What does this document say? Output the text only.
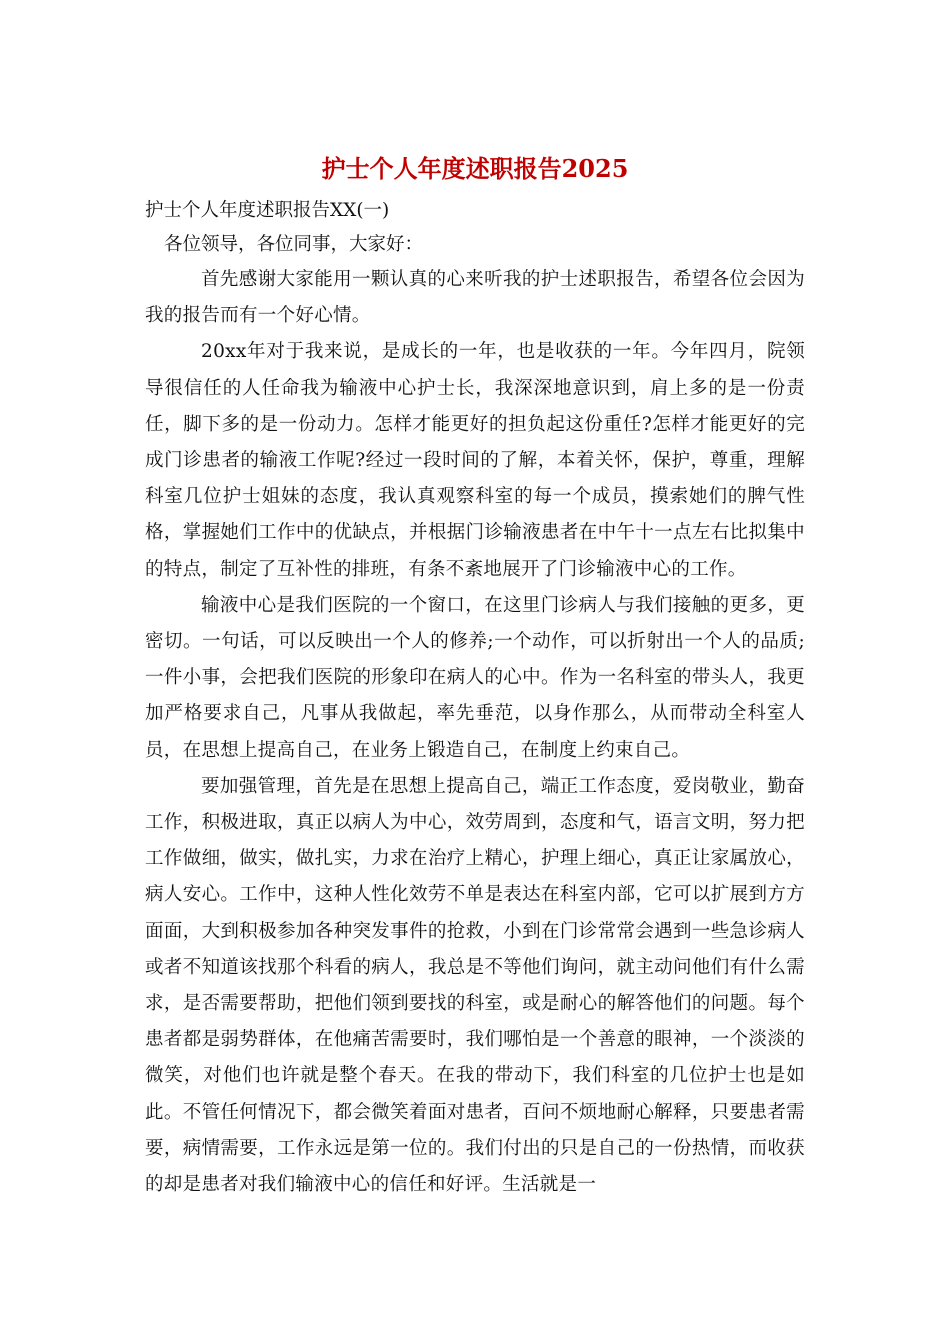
护士个人年度述职报告2025

护士个人年度述职报告XX(一)

各位领导，各位同事，大家好：

首先感谢大家能用一颗认真的心来听我的护士述职报告，希望各位会因为我的报告而有一个好心情。

20xx年对于我来说，是成长的一年，也是收获的一年。今年四月，院领导很信任的人任命我为输液中心护士长，我深深地意识到，肩上多的是一份责任，脚下多的是一份动力。怎样才能更好的担负起这份重任?怎样才能更好的完成门诊患者的输液工作呢?经过一段时间的了解，本着关怀，保护，尊重，理解科室几位护士姐妹的态度，我认真观察科室的每一个成员，摸索她们的脾气性格，掌握她们工作中的优缺点，并根据门诊输液患者在中午十一点左右比拟集中的特点，制定了互补性的排班，有条不紊地展开了门诊输液中心的工作。

输液中心是我们医院的一个窗口，在这里门诊病人与我们接触的更多，更密切。一句话，可以反映出一个人的修养;一个动作，可以折射出一个人的品质;一件小事，会把我们医院的形象印在病人的心中。作为一名科室的带头人，我更加严格要求自己，凡事从我做起，率先垂范，以身作那么，从而带动全科室人员，在思想上提高自己，在业务上锻造自己，在制度上约束自己。

要加强管理，首先是在思想上提高自己，端正工作态度，爱岗敬业，勤奋工作，积极进取，真正以病人为中心，效劳周到，态度和气，语言文明，努力把工作做细，做实，做扎实，力求在治疗上精心，护理上细心，真正让家属放心，病人安心。工作中，这种人性化效劳不单是表达在科室内部，它可以扩展到方方面面，大到积极参加各种突发事件的抢救，小到在门诊常常会遇到一些急诊病人或者不知道该找那个科看的病人，我总是不等他们询问，就主动问他们有什么需求，是否需要帮助，把他们领到要找的科室，或是耐心的解答他们的问题。每个患者都是弱势群体，在他痛苦需要时，我们哪怕是一个善意的眼神，一个淡淡的微笑，对他们也许就是整个春天。在我的带动下，我们科室的几位护士也是如此。不管任何情况下，都会微笑着面对患者，百问不烦地耐心解释，只要患者需要，病情需要，工作永远是第一位的。我们付出的只是自己的一份热情，而收获的却是患者对我们输液中心的信任和好评。生活就是一
